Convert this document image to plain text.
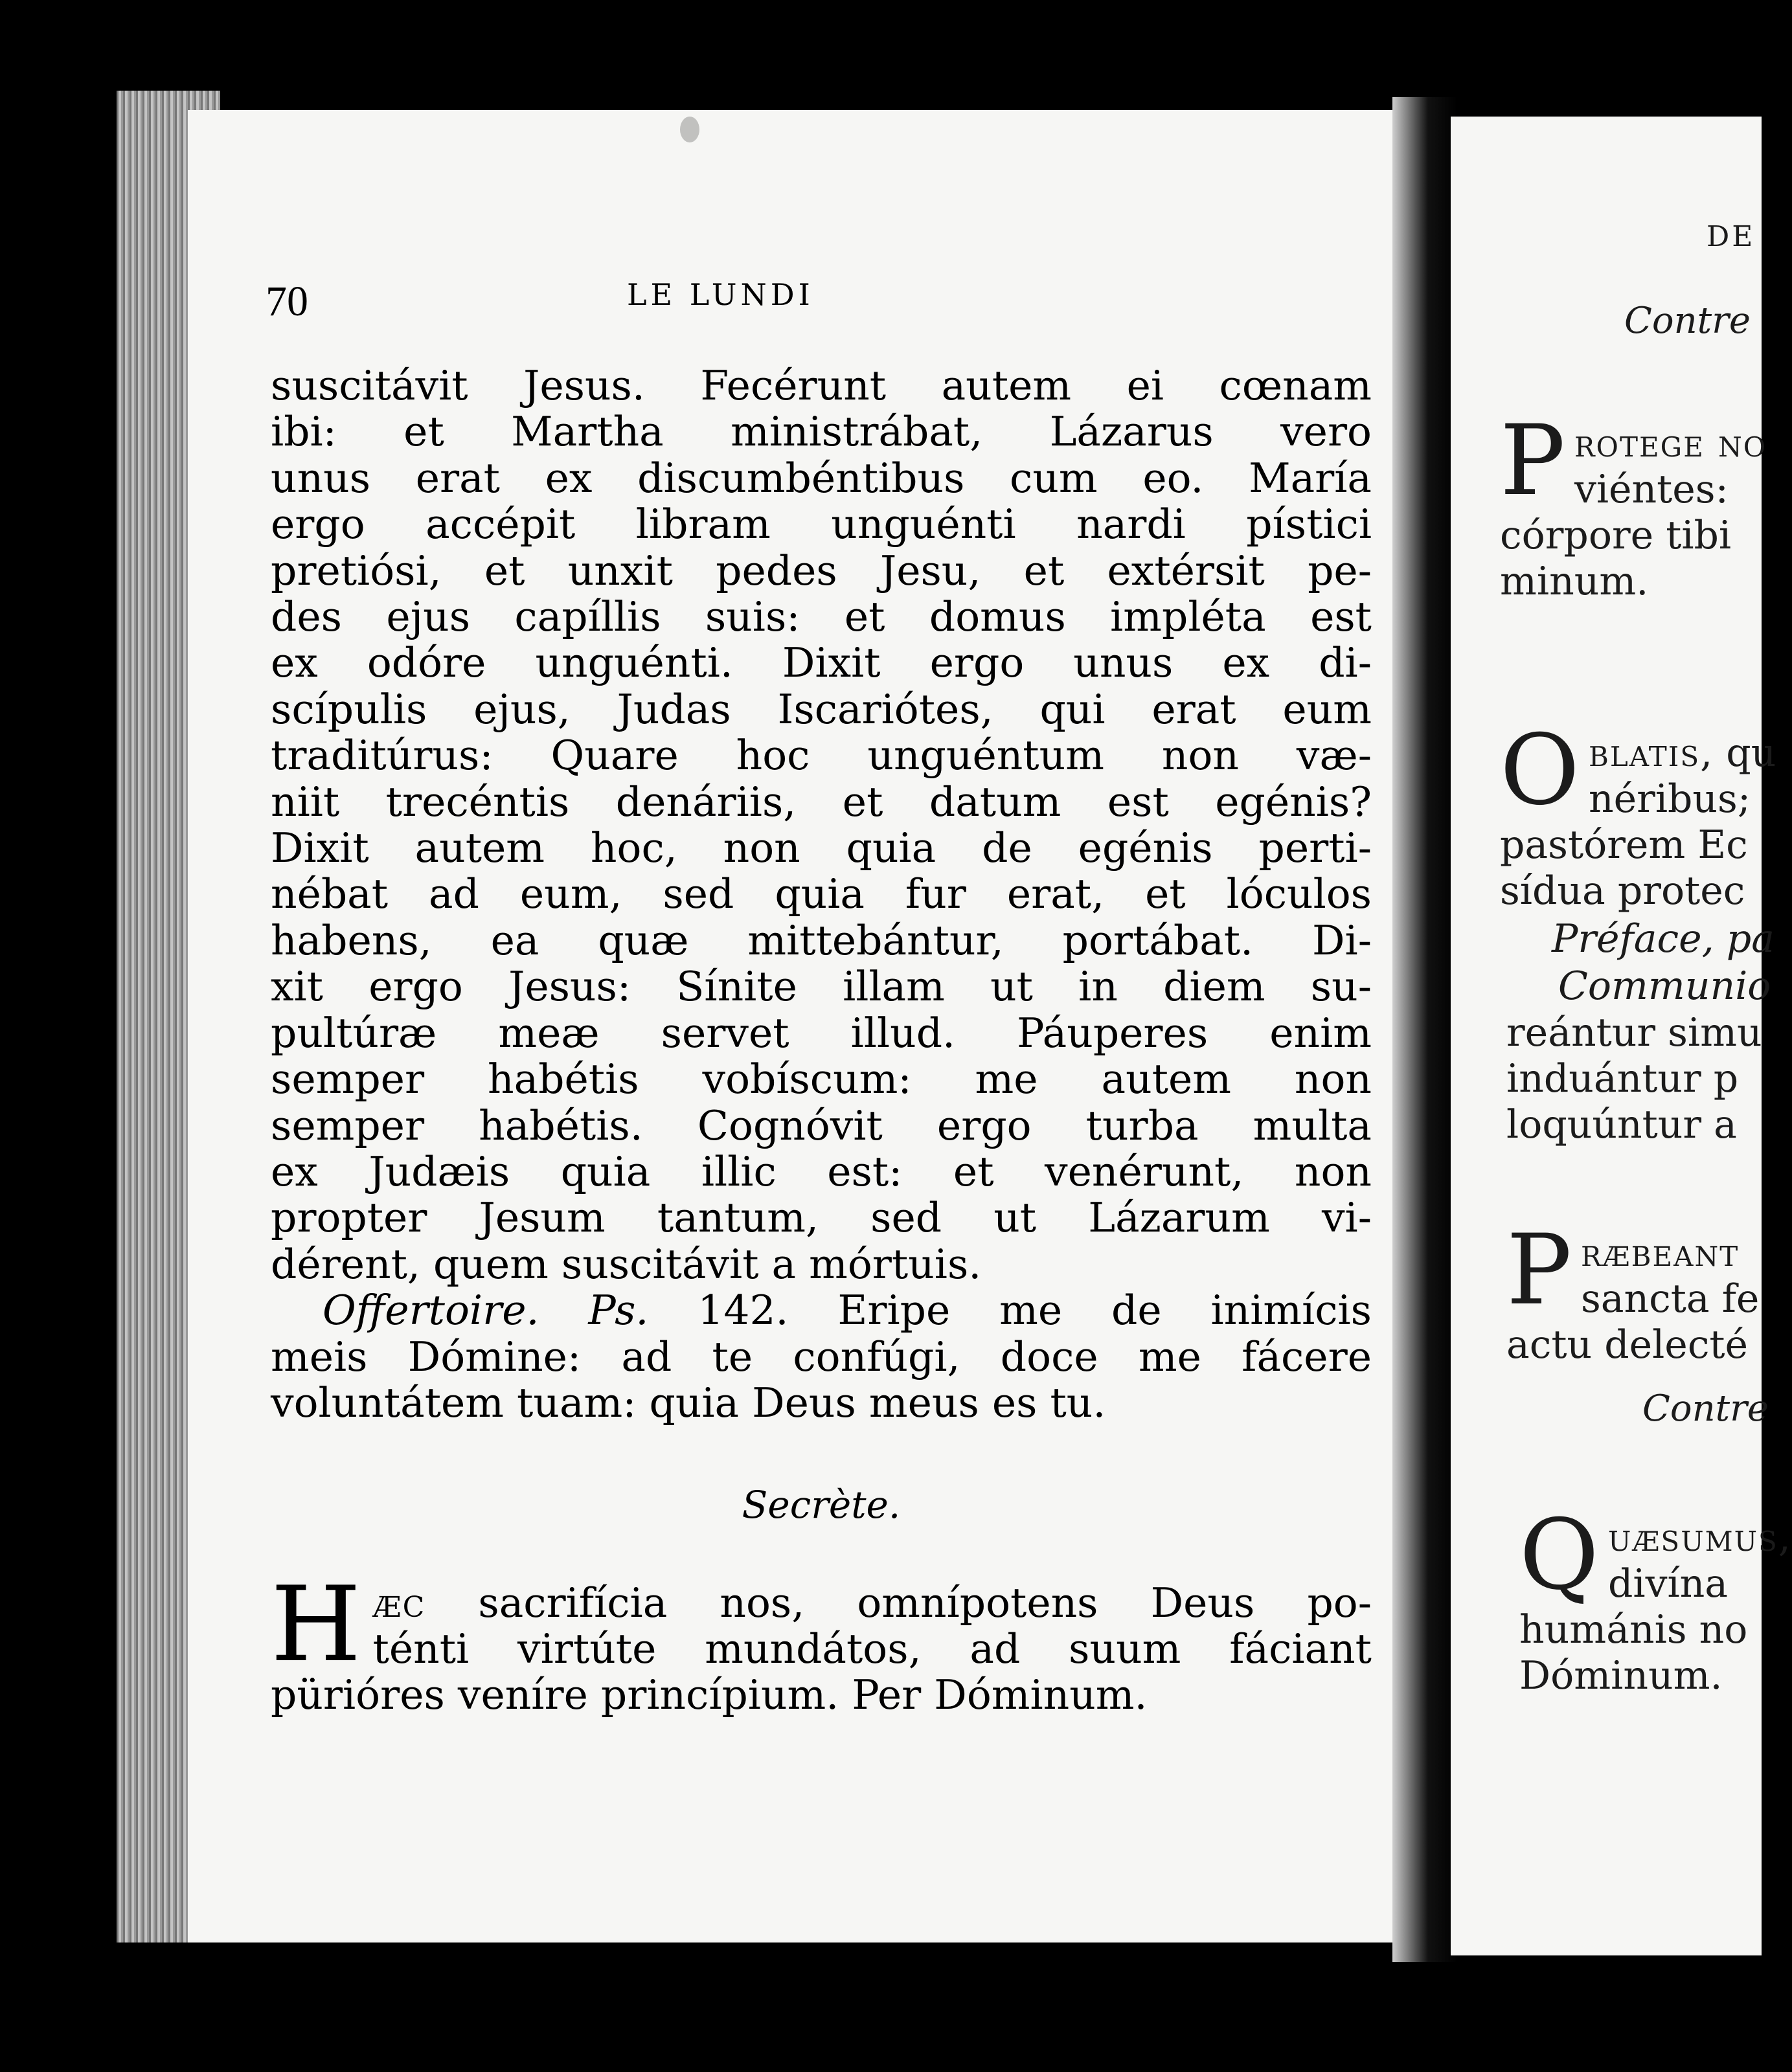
70	LE LUNDI
suscitávit Jesus. Fecérunt autem ei cœnam
ibi: et Martha ministrábat, Lázarus vero
unus erat ex discumbéntibus cum eo. María
ergo accépit libram unguénti nardi pístici
pretiósi, et unxit pedes Jesu, et extérsit pe-
des ejus capíllis suis: et domus impléta est
ex odóre unguénti. Dixit ergo unus ex di-
scípulis ejus, Judas Iscariótes, qui erat eum
traditúrus: Quare hoc unguéntum non væ-
niit trecéntis denáriis, et datum est egénis?
Dixit autem hoc, non quia de egénis perti-
nébat ad eum, sed quia fur erat, et lóculos
habens, ea quæ mittebántur, portábat. Di-
xit ergo Jesus: Sínite illam ut in diem su-
pultúræ meæ servet illud. Páuperes enim
semper habétis vobíscum: me autem non
semper habétis. Cognóvit ergo turba multa
ex Judæis quia illic est: et venérunt, non
propter Jesum tantum, sed ut Lázarum vi-
dérent, quem suscitávit a mórtuis.
Offertoire. Ps. 142. Eripe me de inimícis
meis Dómine: ad te confúgi, doce me fácere
voluntátem tuam: quia Deus meus es tu.
Secrète.
H æc sacrifícia nos, omnípotens Deus po-
ténti virtúte mundátos, ad suum fáciant
pürióres veníre princípium. Per Dóminum.
DE
Contre
P rotege no
viéntes:
córpore tibi
minum.
O blatis, qu
néribus;
pastórem Ec
sídua protec
Préface, pa
Communio
reántur simu
induántur p
loquúntur a
P ræbeant
sancta fe
actu delecté
Contre
Q uæsumus,
divína
humánis no
Dóminum.
